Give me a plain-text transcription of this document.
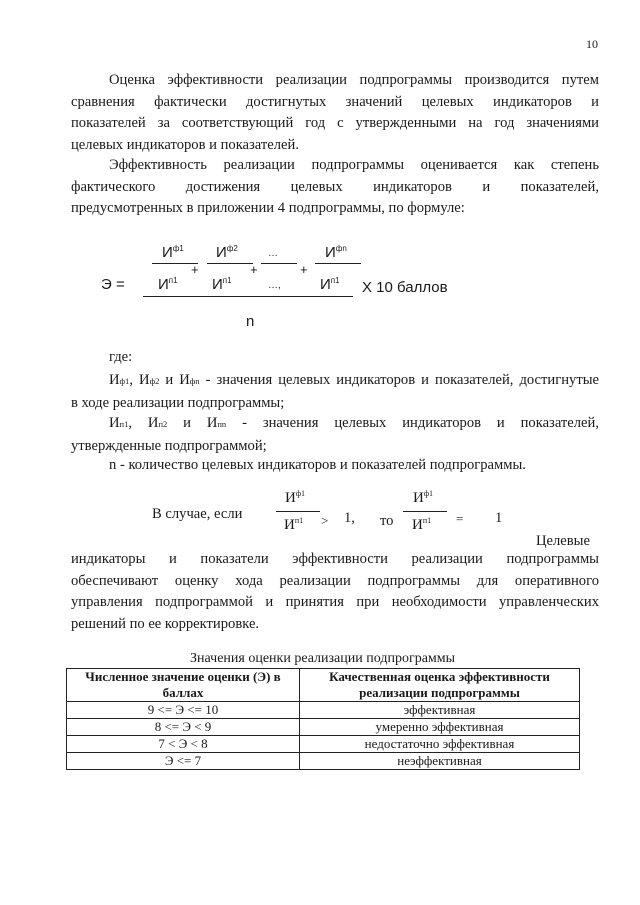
10
Оценка эффективности реализации подпрограммы производится путем
сравнения фактически достигнутых значений целевых индикаторов и
показателей за соответствующий год с утвержденными на год значениями
целевых индикаторов и показателей.
Эффективность реализации подпрограммы оценивается как степень
фактического достижения целевых индикаторов и показателей,
предусмотренных в приложении 4 подпрограммы, по формуле:
$И^{ф1}$ $И^{ф2}$	…	$И^{фn}$
+	+	+
$Э = И^{п1}$ $И^{п1}$	…,	$И^{п1}$ Х 10 баллов
n
где:
Иф1, Иф2 и Ифn - значения целевых индикаторов и показателей, достигнутые
в ходе реализации подпрограммы;
Ип1, Ип2 и Ипn - значения целевых индикаторов и показателей,
утвержденные подпрограммой;
n - количество целевых индикаторов и показателей подпрограммы.
В случае, если
$И^{ф1}$
$И^{п1} > 1$, то
$И^{ф1}$
$И^{п1} = 1$
Целевые
индикаторы и показатели эффективности реализации подпрограммы
обеспечивают оценку хода реализации подпрограммы для оперативного
управления подпрограммой и принятия при необходимости управленческих
решений по ее корректировке.
Значения оценки реализации подпрограммы
Численное значение оценки (Э) в баллах	Качественная оценка эффективности реализации подпрограммы
9 <= Э <= 10	эффективная
8 <= Э < 9	умеренно эффективная
7 < Э < 8	недостаточно эффективная
Э <= 7	неэффективная
